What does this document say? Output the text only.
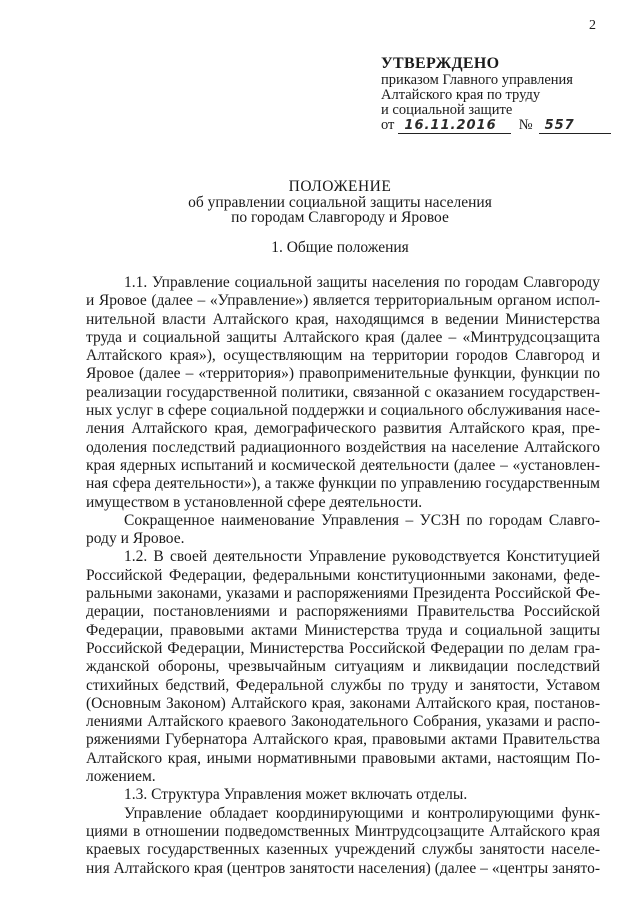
2
УТВЕРЖДЕНО
приказом Главного управления
Алтайского края по труду
и социальной защите
от 16.11.2016	№ 557
ПОЛОЖЕНИЕ
об управлении социальной защиты населения
по городам Славгороду и Яровое
1. Общие положения

1.1. Управление социальной защиты населения по городам Славгороду
и Яровое (далее – «Управление») является территориальным органом испол-
нительной власти Алтайского края, находящимся в ведении Министерства
труда и социальной защиты Алтайского края (далее – «Минтрудсоцзащита
Алтайского края»), осуществляющим на территории городов Славгород и
Яровое (далее – «территория») правоприменительные функции, функции по
реализации государственной политики, связанной с оказанием государствен-
ных услуг в сфере социальной поддержки и социального обслуживания насе-
ления Алтайского края, демографического развития Алтайского края, пре-
одоления последствий радиационного воздействия на население Алтайского
края ядерных испытаний и космической деятельности (далее – «установлен-
ная сфера деятельности»), а также функции по управлению государственным
имуществом в установленной сфере деятельности.

Сокращенное наименование Управления – УСЗН по городам Славго-
роду и Яровое.

1.2. В своей деятельности Управление руководствуется Конституцией
Российской Федерации, федеральными конституционными законами, феде-
ральными законами, указами и распоряжениями Президента Российской Фе-
дерации, постановлениями и распоряжениями Правительства Российской
Федерации, правовыми актами Министерства труда и социальной защиты
Российской Федерации, Министерства Российской Федерации по делам гра-
жданской обороны, чрезвычайным ситуациям и ликвидации последствий
стихийных бедствий, Федеральной службы по труду и занятости, Уставом
(Основным Законом) Алтайского края, законами Алтайского края, постанов-
лениями Алтайского краевого Законодательного Собрания, указами и распо-
ряжениями Губернатора Алтайского края, правовыми актами Правительства
Алтайского края, иными нормативными правовыми актами, настоящим По-
ложением.

1.3. Структура Управления может включать отделы.

Управление обладает координирующими и контролирующими функ-
циями в отношении подведомственных Минтрудсоцзащите Алтайского края
краевых государственных казенных учреждений службы занятости населе-
ния Алтайского края (центров занятости населения) (далее – «центры занято-
